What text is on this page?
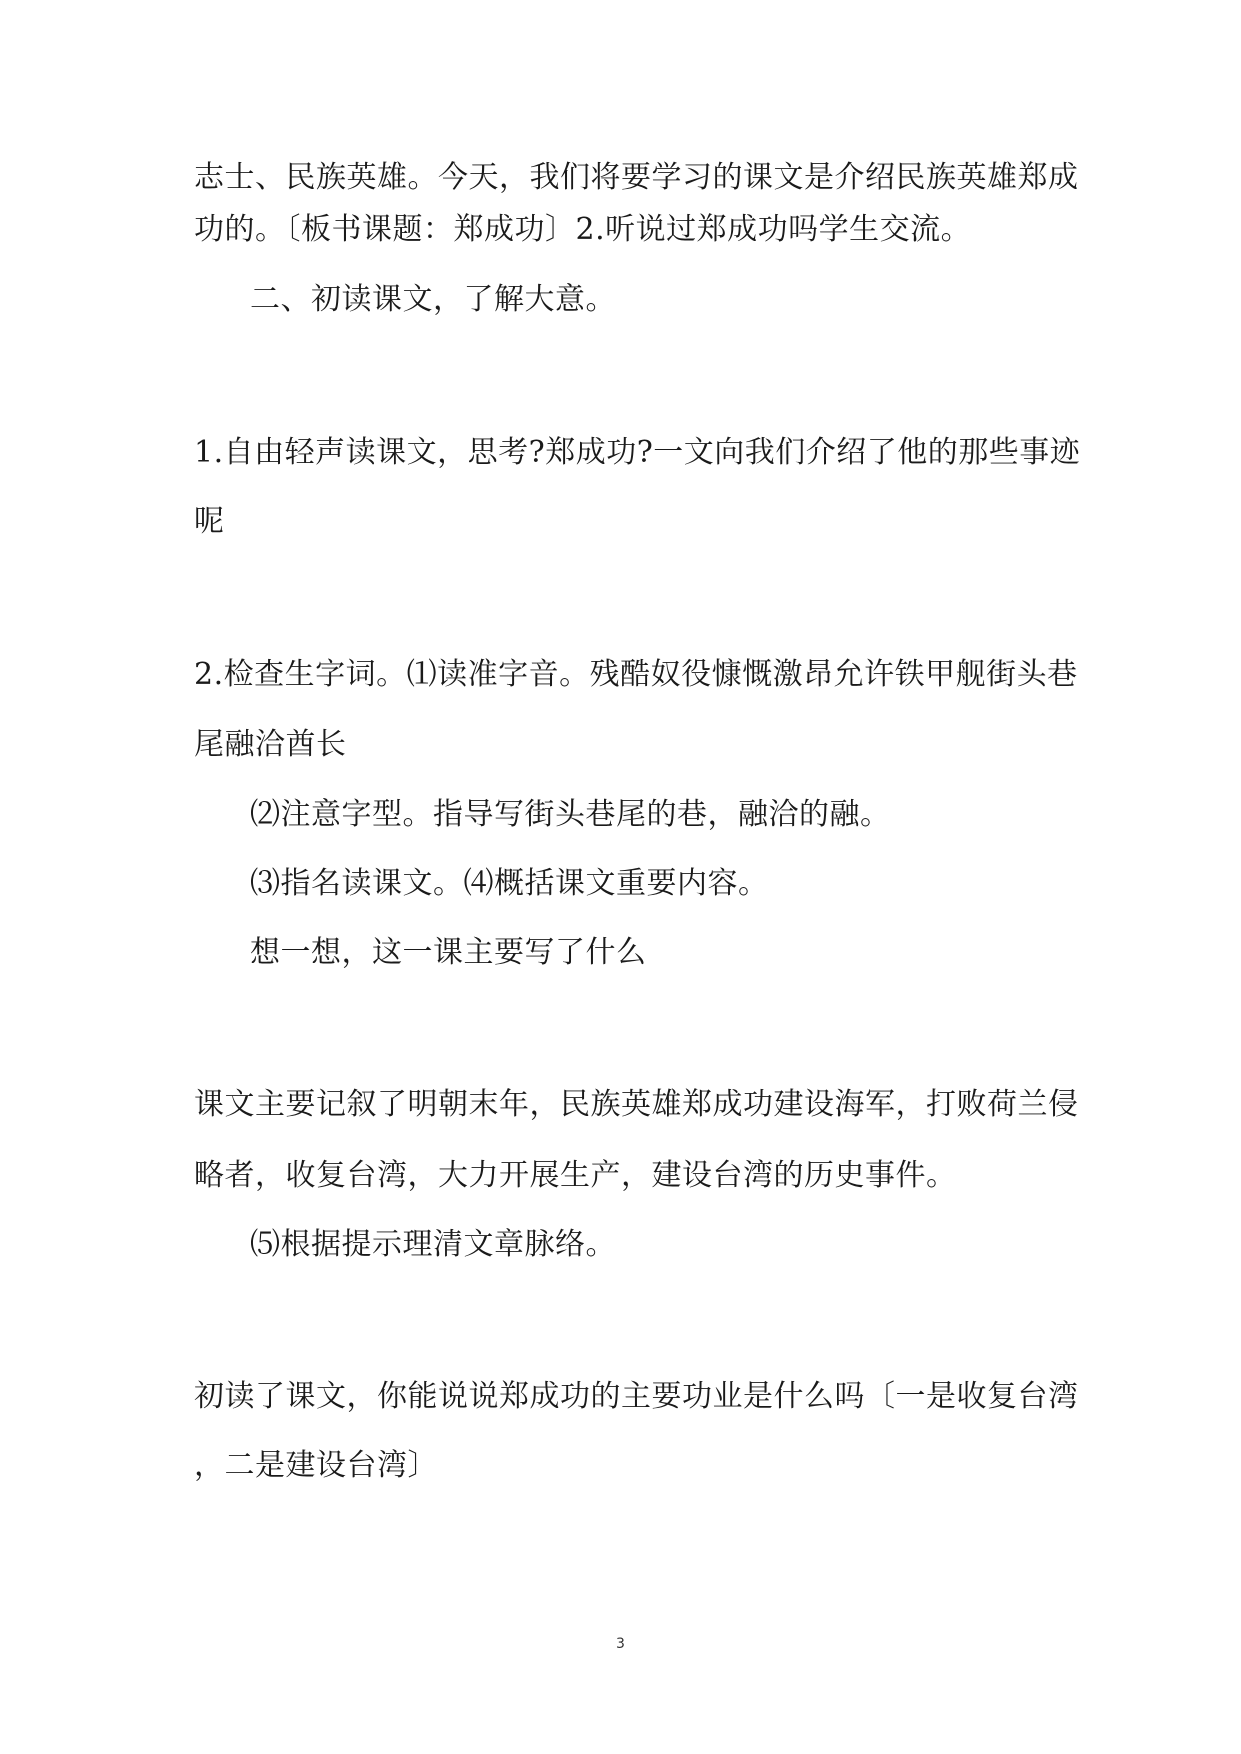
志士、民族英雄。今天，我们将要学习的课文是介绍民族英雄郑成
功的。〔板书课题：郑成功〕2.听说过郑成功吗学生交流。
二、初读课文，了解大意。
1.自由轻声读课文，思考?郑成功?一文向我们介绍了他的那些事迹
呢
2.检查生字词。⑴读准字音。残酷奴役慷慨激昂允许铁甲舰街头巷
尾融洽酋长
⑵注意字型。指导写街头巷尾的巷，融洽的融。
⑶指名读课文。⑷概括课文重要内容。
想一想，这一课主要写了什么
课文主要记叙了明朝末年，民族英雄郑成功建设海军，打败荷兰侵
略者，收复台湾，大力开展生产，建设台湾的历史事件。
⑸根据提示理清文章脉络。
初读了课文，你能说说郑成功的主要功业是什么吗〔一是收复台湾
，二是建设台湾〕
3
